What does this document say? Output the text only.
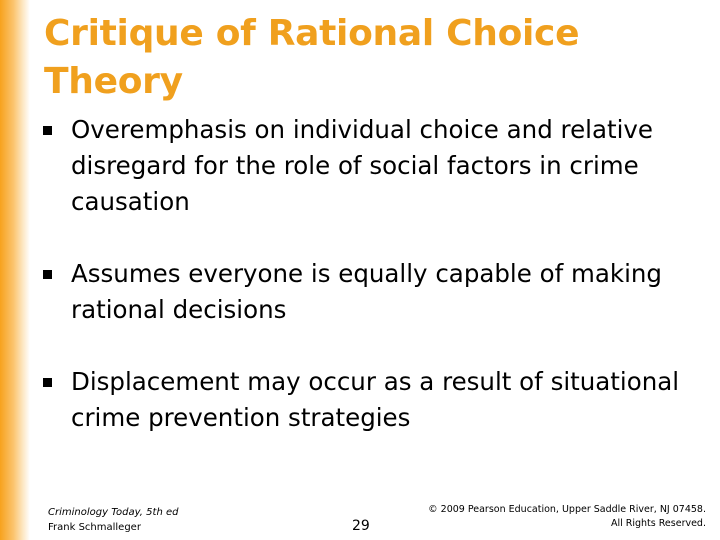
Critique of Rational Choice Theory
Overemphasis on individual choice and relative disregard for the role of social factors in crime causation
Assumes everyone is equally capable of making rational decisions
Displacement may occur as a result of situational crime prevention strategies
Criminology Today, 5th ed
Frank Schmalleger	29
© 2009 Pearson Education, Upper Saddle River, NJ 07458.
All Rights Reserved.
